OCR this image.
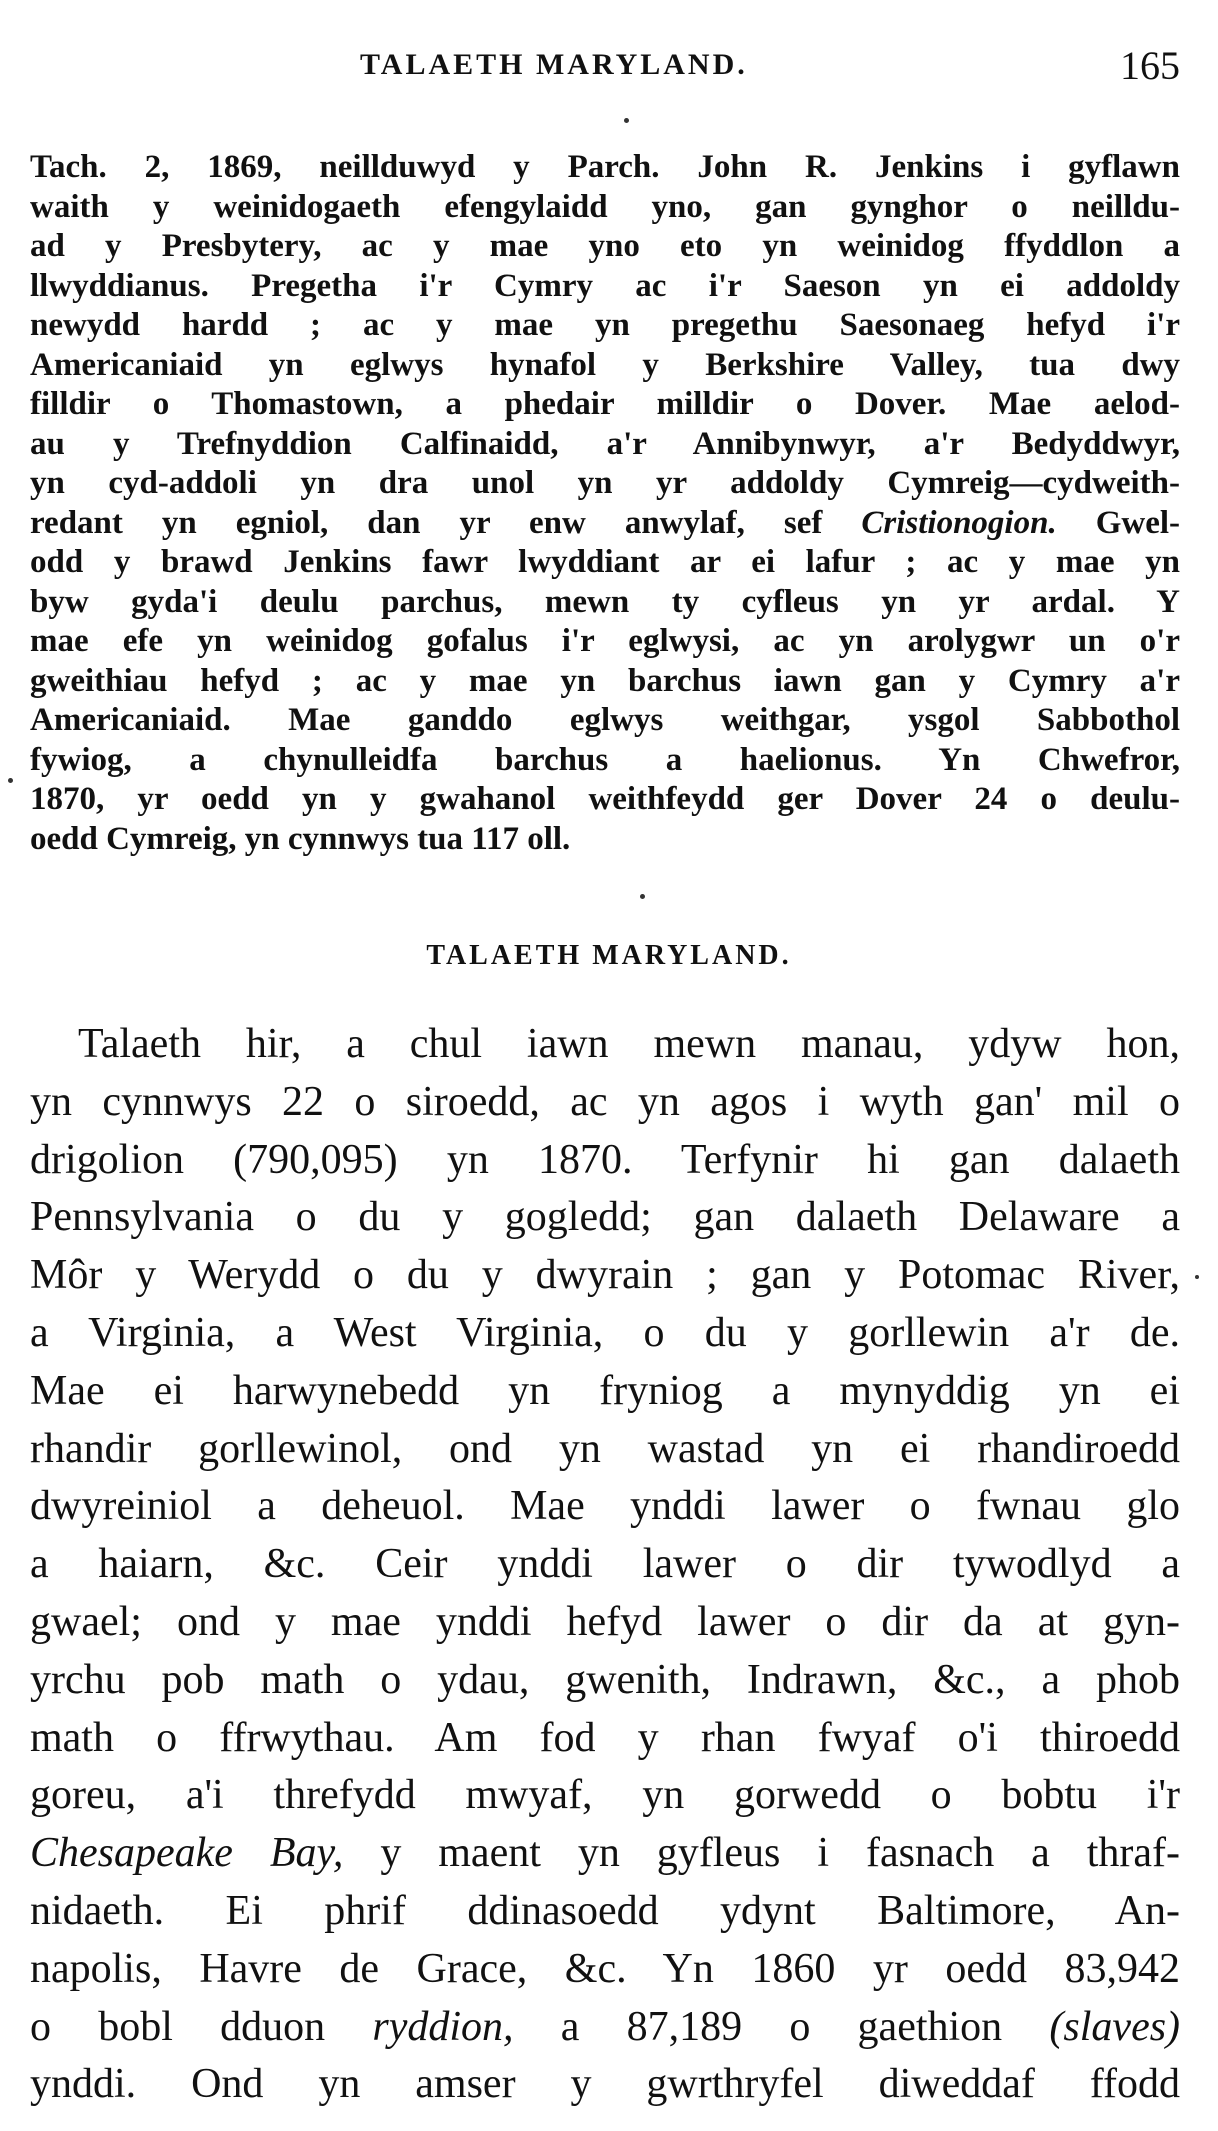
TALAETH MARYLAND.	165
Tach. 2, 1869, neillduwyd y Parch. John R. Jenkins i gyflawn
waith y weinidogaeth efengylaidd yno, gan gynghor o neilldu-
ad y Presbytery, ac y mae yno eto yn weinidog ffyddlon a
llwyddianus. Pregetha i'r Cymry ac i'r Saeson yn ei addoldy
newydd hardd ; ac y mae yn pregethu Saesonaeg hefyd i'r
Americaniaid yn eglwys hynafol y Berkshire Valley, tua dwy
filldir o Thomastown, a phedair milldir o Dover. Mae aelod-
au y Trefnyddion Calfinaidd, a'r Annibynwyr, a'r Bedyddwyr,
yn cyd-addoli yn dra unol yn yr addoldy Cymreig—cydweith-
redant yn egniol, dan yr enw anwylaf, sef Cristionogion. Gwel-
odd y brawd Jenkins fawr lwyddiant ar ei lafur ; ac y mae yn
byw gyda'i deulu parchus, mewn ty cyfleus yn yr ardal. Y
mae efe yn weinidog gofalus i'r eglwysi, ac yn arolygwr un o'r
gweithiau hefyd ; ac y mae yn barchus iawn gan y Cymry a'r
Americaniaid. Mae ganddo eglwys weithgar, ysgol Sabbothol
fywiog, a chynulleidfa barchus a haelionus. Yn Chwefror,
1870, yr oedd yn y gwahanol weithfeydd ger Dover 24 o deulu-
oedd Cymreig, yn cynnwys tua 117 oll.
TALAETH MARYLAND.
Talaeth hir, a chul iawn mewn manau, ydyw hon,
yn cynnwys 22 o siroedd, ac yn agos i wyth gan' mil o
drigolion (790,095) yn 1870. Terfynir hi gan dalaeth
Pennsylvania o du y gogledd; gan dalaeth Delaware a
Môr y Werydd o du y dwyrain ; gan y Potomac River,
a Virginia, a West Virginia, o du y gorllewin a'r de.
Mae ei harwynebedd yn fryniog a mynyddig yn ei
rhandir gorllewinol, ond yn wastad yn ei rhandiroedd
dwyreiniol a deheuol. Mae ynddi lawer o fwnau glo
a haiarn, &c. Ceir ynddi lawer o dir tywodlyd a
gwael; ond y mae ynddi hefyd lawer o dir da at gyn-
yrchu pob math o ydau, gwenith, Indrawn, &c., a phob
math o ffrwythau. Am fod y rhan fwyaf o'i thiroedd
goreu, a'i threfydd mwyaf, yn gorwedd o bobtu i'r
Chesapeake Bay, y maent yn gyfleus i fasnach a thraf-
nidaeth. Ei phrif ddinasoedd ydynt Baltimore, An-
napolis, Havre de Grace, &c. Yn 1860 yr oedd 83,942
o bobl dduon ryddion, a 87,189 o gaethion (slaves)
ynddi. Ond yn amser y gwrthryfel diweddaf ffodd
